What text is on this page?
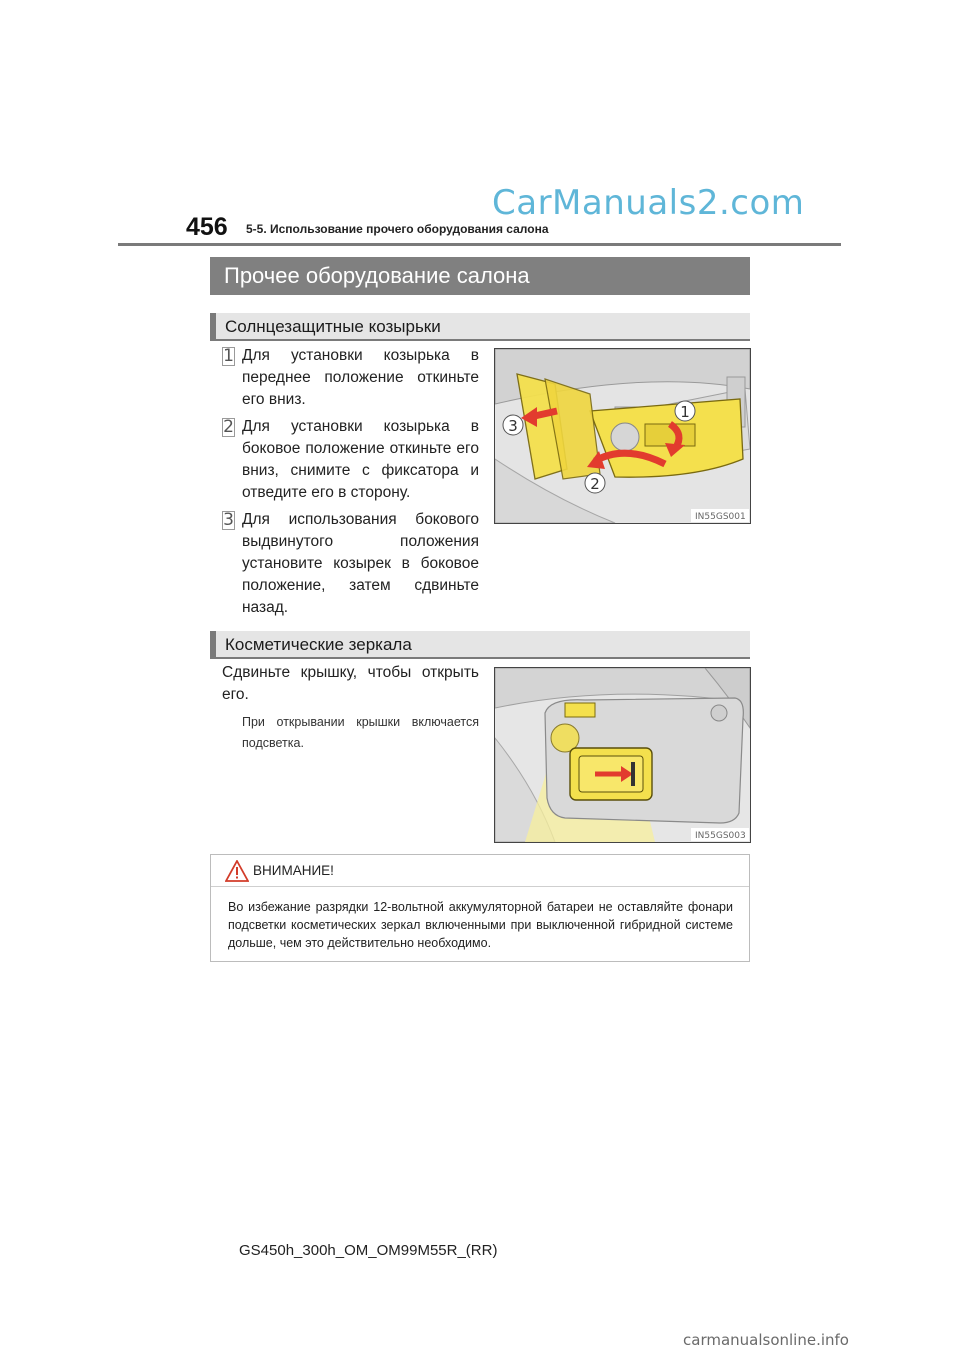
CarManuals2.com
456 5-5. Использование прочего оборудования салона
Прочее оборудование салона
Солнцезащитные козырьки
1 Для установки козырька в переднее положение откиньте его вниз.
2 Для установки козырька в боковое положение откиньте его вниз, снимите с фиксатора и отведите его в сторону.
3 Для использования бокового выдвинутого положения установите козырек в боковое положение, затем сдвиньте назад.
1
3
2
IN55GS001
Косметические зеркала
Сдвиньте крышку, чтобы открыть его.
При открывании крышки включается подсветка.
IN55GS003
ВНИМАНИЕ!
Во избежание разрядки 12-вольтной аккумуляторной батареи не оставляйте фонари подсветки косметических зеркал включенными при выключенной гибридной системе дольше, чем это действительно необходимо.
GS450h_300h_OM_OM99M55R_(RR)
carmanualsonline.info
